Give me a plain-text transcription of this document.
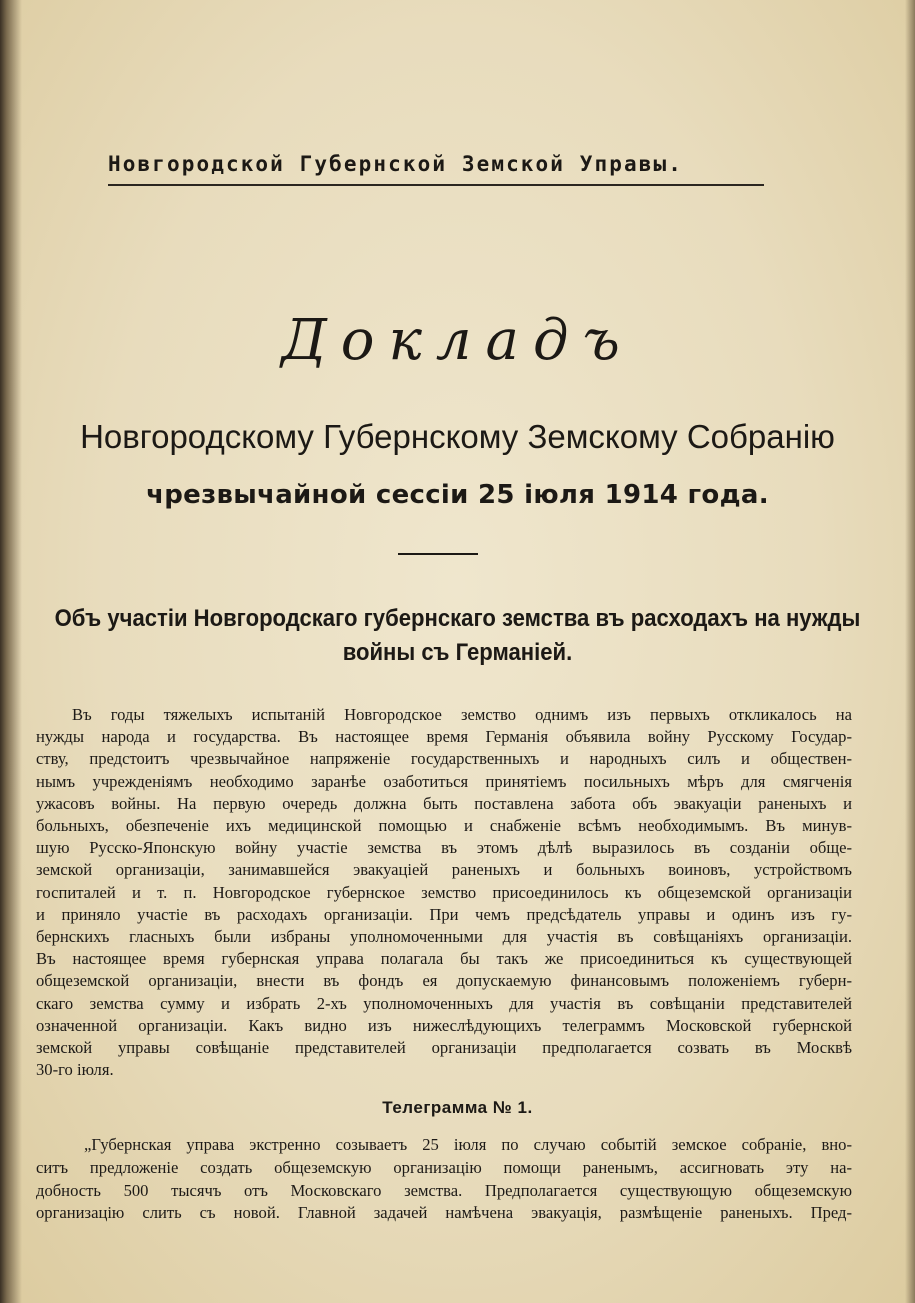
Новгородской Губернской Земской Управы.
Докладъ
Новгородскому Губернскому Земскому Собранiю
чрезвычайной сессiи 25 iюля 1914 года.
Объ участiи Новгородскаго губернскаго земства въ расходахъ на нужды
войны съ Германiей.
Въ годы тяжелыхъ испытанiй Новгородское земство однимъ изъ первыхъ откликалось на
нужды народа и государства. Въ настоящее время Германiя объявила войну Русскому Государ-
ству, предстоитъ чрезвычайное напряженiе государственныхъ и народныхъ силъ и обществен-
нымъ учрежденiямъ необходимо заранѣе озаботиться принятiемъ посильныхъ мѣръ для смягченiя
ужасовъ войны. На первую очередь должна быть поставлена забота объ эвакуацiи раненыхъ и
больныхъ, обезпеченiе ихъ медицинской помощью и снабженiе всѣмъ необходимымъ. Въ минув-
шую Русско-Японскую войну участiе земства въ этомъ дѣлѣ выразилось въ созданiи обще-
земской организацiи, занимавшейся эвакуацiей раненыхъ и больныхъ воиновъ, устройствомъ
госпиталей и т. п. Новгородское губернское земство присоединилось къ общеземской организацiи
и приняло участiе въ расходахъ организацiи. При чемъ предсѣдатель управы и одинъ изъ гу-
бернскихъ гласныхъ были избраны уполномоченными для участiя въ совѣщанiяхъ организацiи.
Въ настоящее время губернская управа полагала бы такъ же присоединиться къ существующей
общеземской организацiи, внести въ фондъ ея допускаемую финансовымъ положенiемъ губерн-
скаго земства сумму и избрать 2-хъ уполномоченныхъ для участiя въ совѣщанiи представителей
означенной организацiи. Какъ видно изъ нижеслѣдующихъ телеграммъ Московской губернской
земской управы совѣщанiе представителей организацiи предполагается созвать въ Москвѣ
30-го iюля.
Телеграмма № 1.
„Губернская управа экстренно созываетъ 25 iюля по случаю событiй земское собранiе, вно-
ситъ предложенiе создать общеземскую организацiю помощи раненымъ, ассигновать эту на-
добность 500 тысячъ отъ Московскаго земства. Предполагается существующую общеземскую
организацiю слить съ новой. Главной задачей намѣчена эвакуацiя, размѣщенiе раненыхъ. Пред-
